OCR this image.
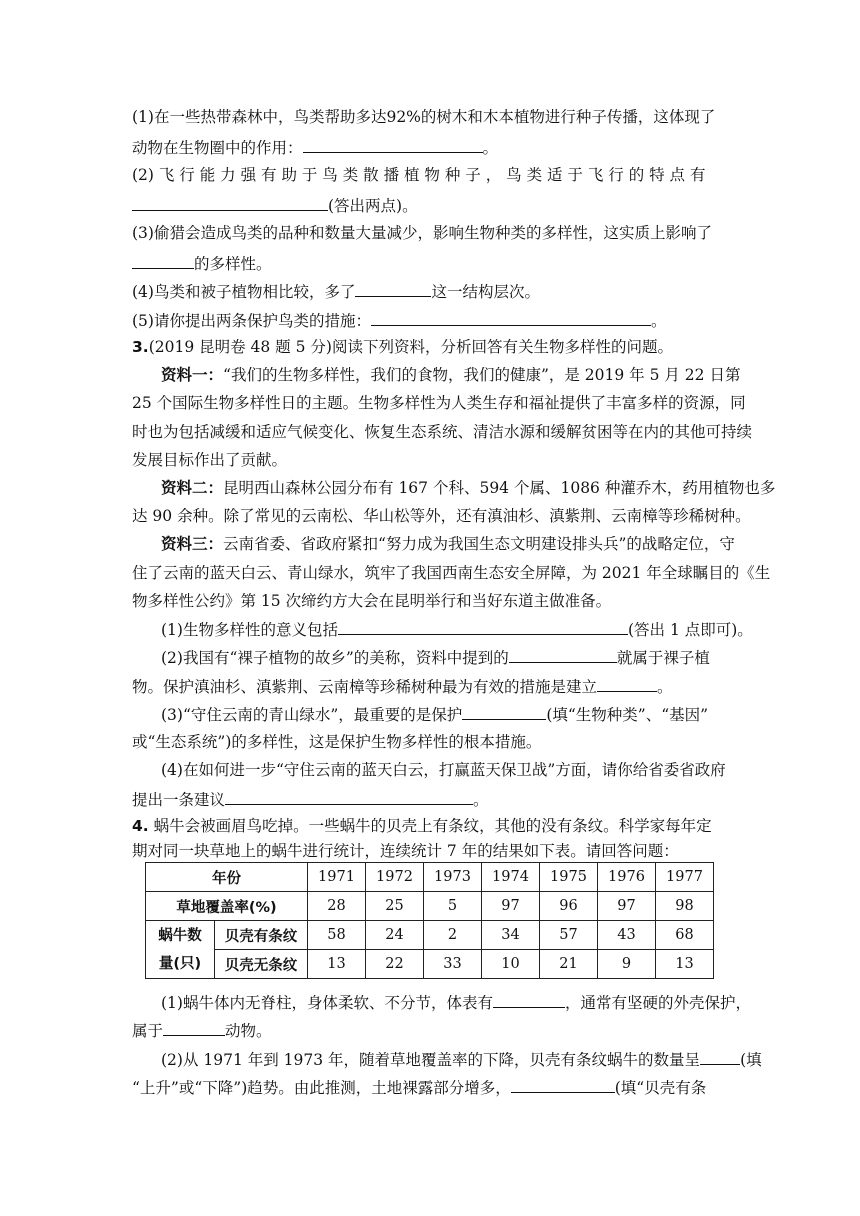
(1)在一些热带森林中，鸟类帮助多达92%的树木和木本植物进行种子传播，这体现了
动物在生物圈中的作用：	。
(2) 飞 行 能 力 强 有 助 于 鸟 类 散 播 植 物 种 子 ， 鸟 类 适 于 飞 行 的 特 点 有
(答出两点)。
(3)偷猎会造成鸟类的品种和数量大量减少，影响生物种类的多样性，这实质上影响了
的多样性。
(4)鸟类和被子植物相比较，多了	这一结构层次。
(5)请你提出两条保护鸟类的措施：	。
3.(2019 昆明卷 48 题 5 分)阅读下列资料，分析回答有关生物多样性的问题。
资料一：“我们的生物多样性，我们的食物，我们的健康”，是 2019 年 5 月 22 日第
25 个国际生物多样性日的主题。生物多样性为人类生存和福祉提供了丰富多样的资源，同
时也为包括减缓和适应气候变化、恢复生态系统、清洁水源和缓解贫困等在内的其他可持续
发展目标作出了贡献。
资料二：昆明西山森林公园分布有 167 个科、594 个属、1086 种灌乔木，药用植物也多
达 90 余种。除了常见的云南松、华山松等外，还有滇油杉、滇紫荆、云南樟等珍稀树种。
资料三：云南省委、省政府紧扣“努力成为我国生态文明建设排头兵”的战略定位，守
住了云南的蓝天白云、青山绿水，筑牢了我国西南生态安全屏障，为 2021 年全球瞩目的《生
物多样性公约》第 15 次缔约方大会在昆明举行和当好东道主做准备。
(1)生物多样性的意义包括	(答出 1 点即可)。
(2)我国有“裸子植物的故乡”的美称，资料中提到的	就属于裸子植
物。保护滇油杉、滇紫荆、云南樟等珍稀树种最为有效的措施是建立	。
(3)“守住云南的青山绿水”，最重要的是保护	(填“生物种类”、“基因”
或“生态系统”)的多样性，这是保护生物多样性的根本措施。
(4)在如何进一步“守住云南的蓝天白云，打赢蓝天保卫战”方面，请你给省委省政府
提出一条建议	。
4. 蜗牛会被画眉鸟吃掉。一些蜗牛的贝壳上有条纹，其他的没有条纹。科学家每年定
期对同一块草地上的蜗牛进行统计，连续统计 7 年的结果如下表。请回答问题：
年份		1971	1972	1973	1974	1975	1976	1977
草地覆盖率(%)		28	25	5	97	96	97	98

蜗牛数
量(只)	贝壳有条纹	58	24	2	34	57	43	68
	贝壳无条纹	13	22	33	10	21	9	13
(1)蜗牛体内无脊柱，身体柔软、不分节，体表有	，通常有坚硬的外壳保护，
属于	动物。
(2)从 1971 年到 1973 年，随着草地覆盖率的下降，贝壳有条纹蜗牛的数量呈	(填
“上升”或“下降”)趋势。由此推测，土地裸露部分增多，	(填“贝壳有条
